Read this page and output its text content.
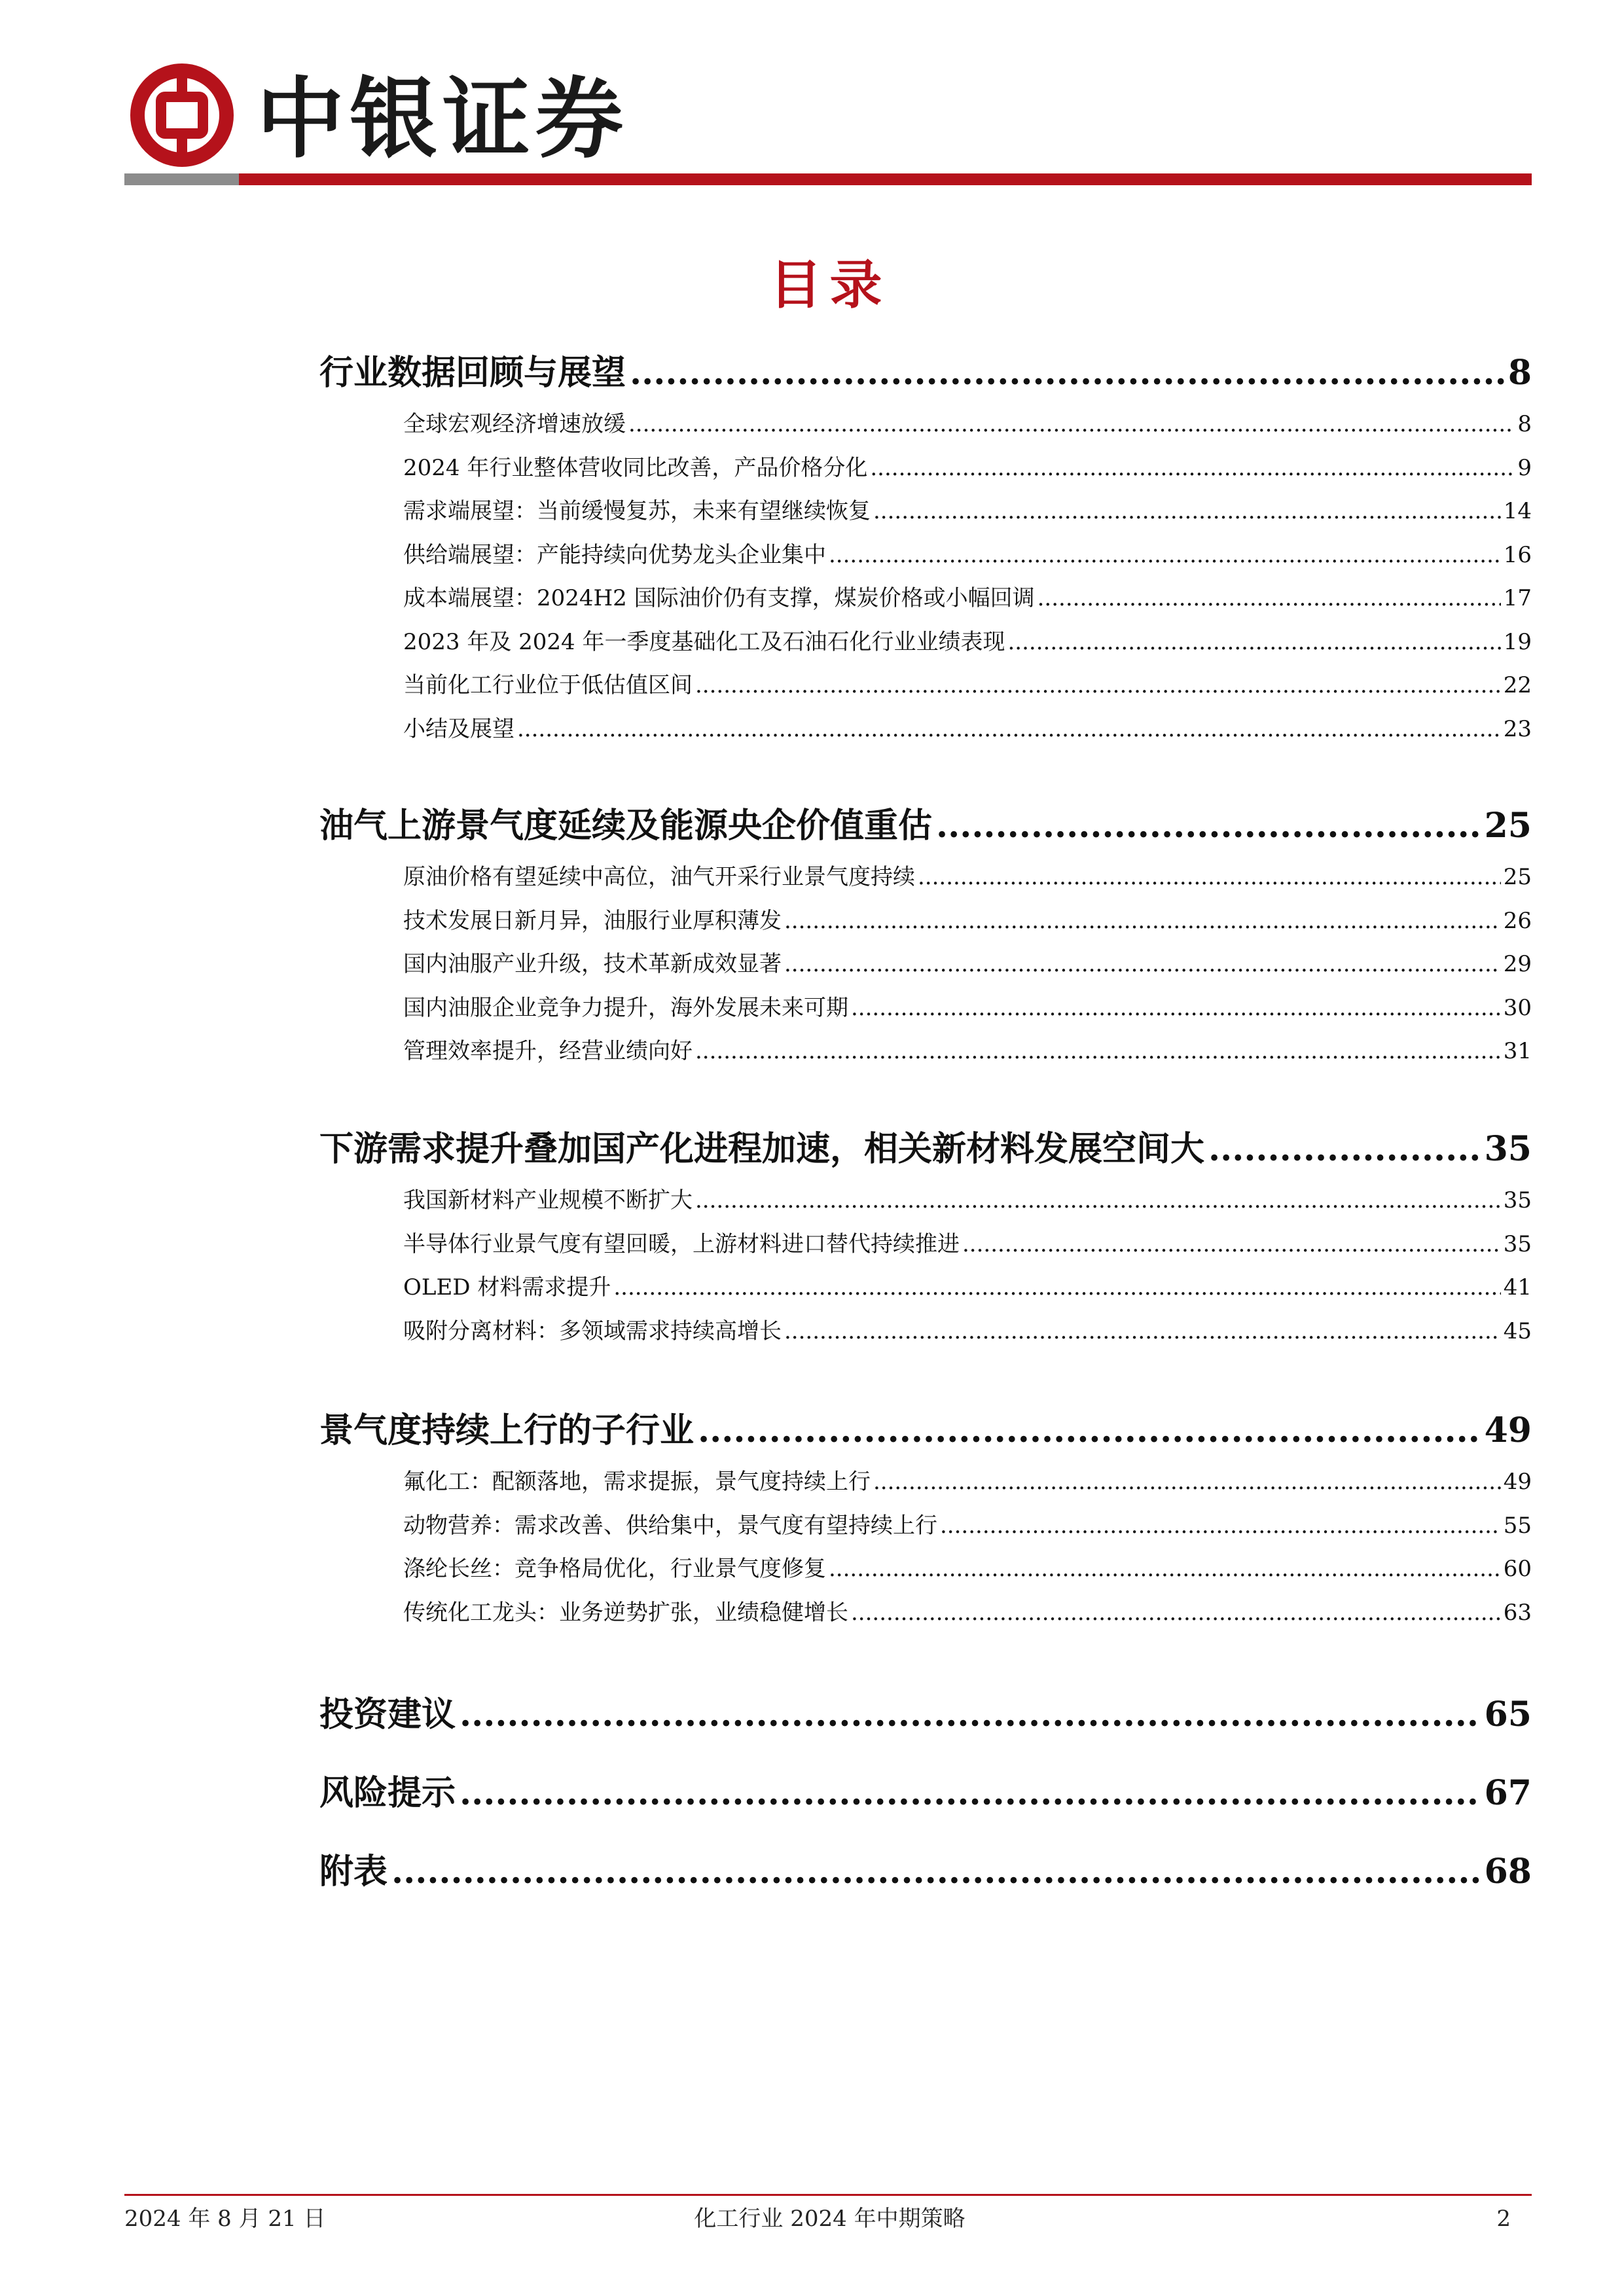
中银证券
目录
行业数据回顾与展望 .....	8
全球宏观经济增速放缓 .....	8
2024 年行业整体营收同比改善，产品价格分化 .....	9
需求端展望：当前缓慢复苏，未来有望继续恢复 .....	14
供给端展望：产能持续向优势龙头企业集中 .....	16
成本端展望：2024H2 国际油价仍有支撑，煤炭价格或小幅回调 .....	17
2023 年及 2024 年一季度基础化工及石油石化行业业绩表现 .....	19
当前化工行业位于低估值区间 .....	22
小结及展望 .....	23
油气上游景气度延续及能源央企价值重估 .....	25
原油价格有望延续中高位，油气开采行业景气度持续 .....	25
技术发展日新月异，油服行业厚积薄发 .....	26
国内油服产业升级，技术革新成效显著 .....	29
国内油服企业竞争力提升，海外发展未来可期 .....	30
管理效率提升，经营业绩向好 .....	31
下游需求提升叠加国产化进程加速，相关新材料发展空间大 .....	35
我国新材料产业规模不断扩大 .....	35
半导体行业景气度有望回暖，上游材料进口替代持续推进 .....	35
OLED 材料需求提升 .....	41
吸附分离材料：多领域需求持续高增长 .....	45
景气度持续上行的子行业 .....	49
氟化工：配额落地，需求提振，景气度持续上行 .....	49
动物营养：需求改善、供给集中，景气度有望持续上行 .....	55
涤纶长丝：竞争格局优化，行业景气度修复 .....	60
传统化工龙头：业务逆势扩张，业绩稳健增长 .....	63
投资建议 .....	65
风险提示 .....	67
附表 .....	68
2024 年 8 月 21 日	化工行业 2024 年中期策略	2
